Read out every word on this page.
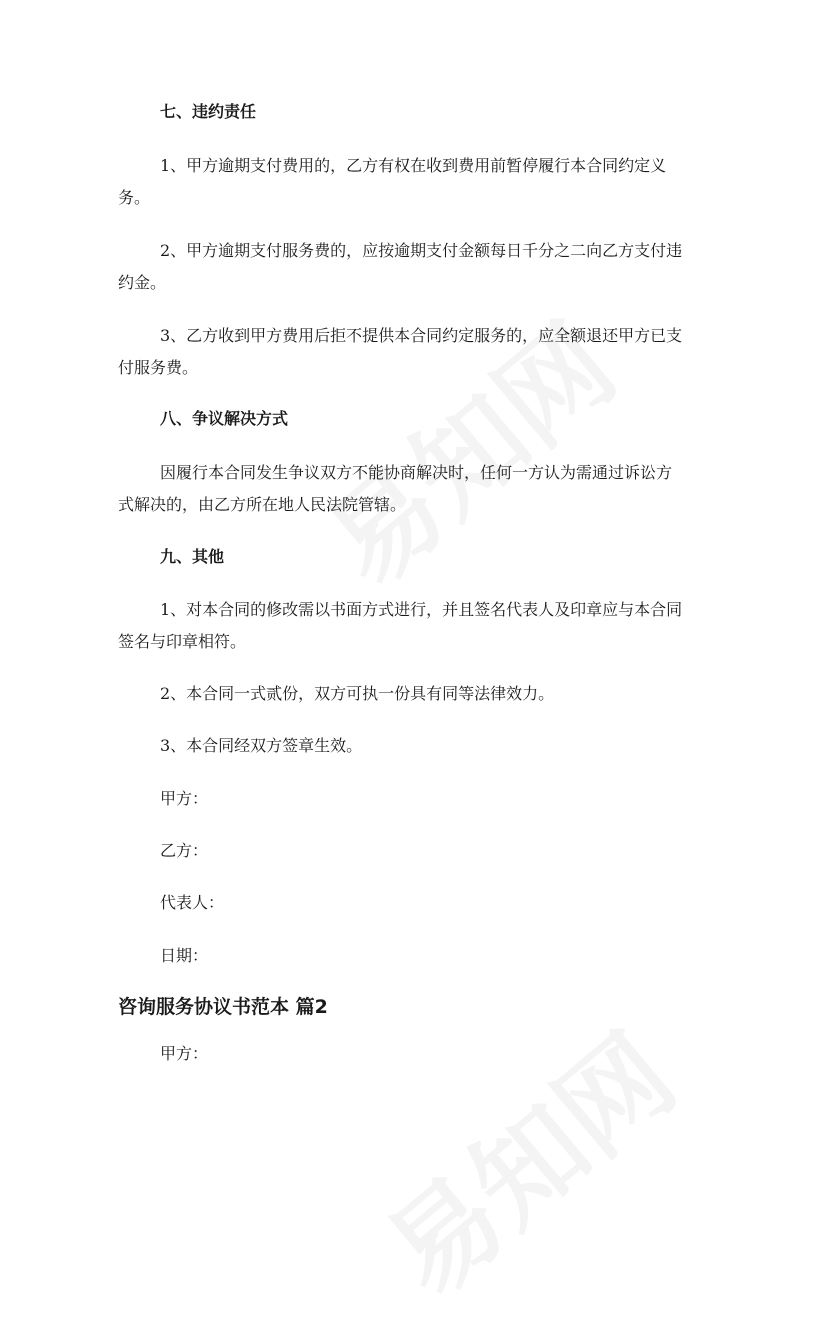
七、违约责任

1、甲方逾期支付费用的，乙方有权在收到费用前暂停履行本合同约定义

务。

2、甲方逾期支付服务费的，应按逾期支付金额每日千分之二向乙方支付违

约金。

3、乙方收到甲方费用后拒不提供本合同约定服务的，应全额退还甲方已支

付服务费。

八、争议解决方式

因履行本合同发生争议双方不能协商解决时，任何一方认为需通过诉讼方

式解决的，由乙方所在地人民法院管辖。

九、其他

1、对本合同的修改需以书面方式进行，并且签名代表人及印章应与本合同

签名与印章相符。

2、本合同一式贰份，双方可执一份具有同等法律效力。

3、本合同经双方签章生效。

甲方：

乙方：

代表人：

日期：

咨询服务协议书范本 篇2

甲方：
